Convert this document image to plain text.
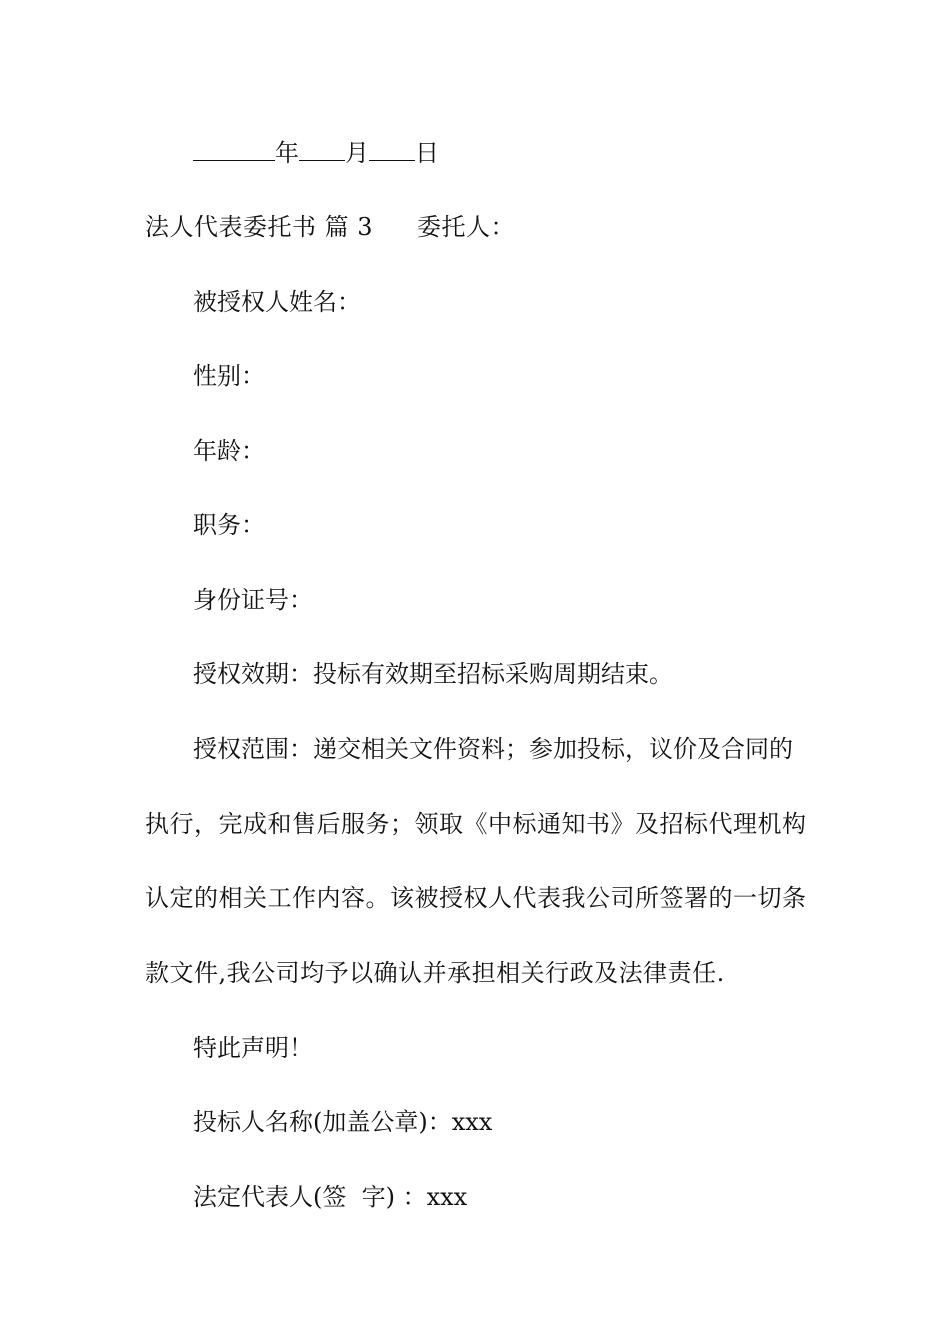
年 月 日
法人代表委托书 篇 3 委托人：
被授权人姓名：
性别：
年龄：
职务：
身份证号：
授权效期：投标有效期至招标采购周期结束。
授权范围：递交相关文件资料；参加投标，议价及合同的
执行，完成和售后服务；领取《中标通知书》及招标代理机构
认定的相关工作内容。该被授权人代表我公司所签署的一切条
款文件,我公司均予以确认并承担相关行政及法律责任.
特此声明！
投标人名称(加盖公章)：xxx
法定代表人(签  字) ：xxx
